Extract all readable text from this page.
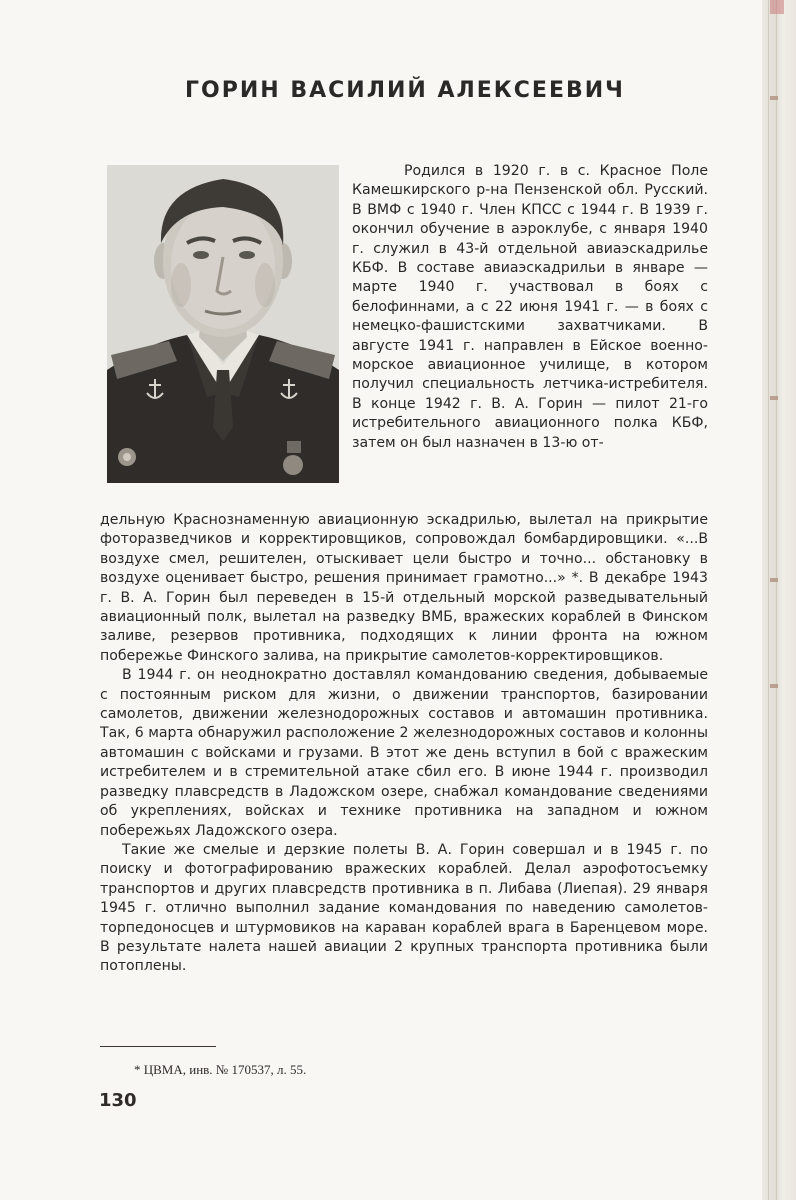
ГОРИН ВАСИЛИЙ АЛЕКСЕЕВИЧ

Родился в 1920 г. в с. Красное Поле Камешкирского р-на Пензенской обл. Русский. В ВМФ с 1940 г. Член КПСС с 1944 г. В 1939 г. окончил обучение в аэроклубе, с января 1940 г. служил в 43-й отдельной авиаэскадрилье КБФ. В составе авиаэскадрильи в январе — марте 1940 г. участвовал в боях с белофиннами, а с 22 июня 1941 г. — в боях с немецко-фашистскими захватчиками. В августе 1941 г. направлен в Ейское военно-морское авиационное училище, в котором получил специальность летчика-истребителя. В конце 1942 г. В. А. Горин — пилот 21-го истребительного авиационного полка КБФ, затем он был назначен в 13-ю от-

дельную Краснознаменную авиационную эскадрилью, вылетал на прикрытие фоторазведчиков и корректировщиков, сопровождал бомбардировщики. «...В воздухе смел, решителен, отыскивает цели быстро и точно... обстановку в воздухе оценивает быстро, решения принимает грамотно...» *. В декабре 1943 г. В. А. Горин был переведен в 15-й отдельный морской разведывательный авиационный полк, вылетал на разведку ВМБ, вражеских кораблей в Финском заливе, резервов противника, подходящих к линии фронта на южном побережье Финского залива, на прикрытие самолетов-корректировщиков.

В 1944 г. он неоднократно доставлял командованию сведения, добываемые с постоянным риском для жизни, о движении транспортов, базировании самолетов, движении железнодорожных составов и автомашин противника. Так, 6 марта обнаружил расположение 2 железнодорожных составов и колонны автомашин с войсками и грузами. В этот же день вступил в бой с вражеским истребителем и в стремительной атаке сбил его. В июне 1944 г. производил разведку плавсредств в Ладожском озере, снабжал командование сведениями об укреплениях, войсках и технике противника на западном и южном побережьях Ладожского озера.

Такие же смелые и дерзкие полеты В. А. Горин совершал и в 1945 г. по поиску и фотографированию вражеских кораблей. Делал аэрофотосъемку транспортов и других плавсредств противника в п. Либава (Лиепая). 29 января 1945 г. отлично выполнил задание командования по наведению самолетов-торпедоносцев и штурмовиков на караван кораблей врага в Баренцевом море. В результате налета нашей авиации 2 крупных транспорта противника были потоплены.

* ЦВМА, инв. № 170537, л. 55.
130
